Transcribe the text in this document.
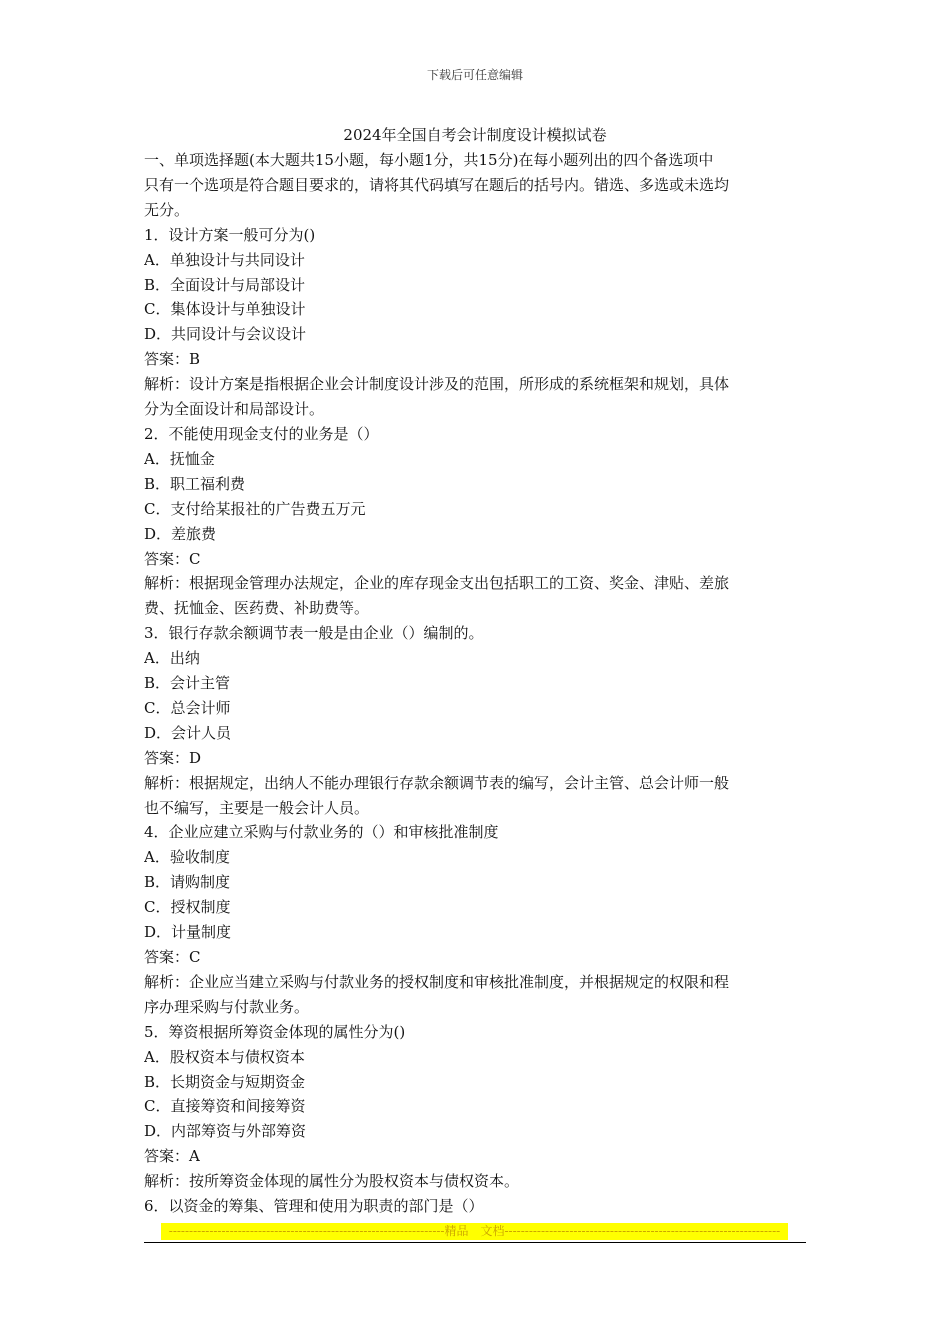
下载后可任意编辑
2024年全国自考会计制度设计模拟试卷
一、单项选择题(本大题共15小题，每小题1分，共15分)在每小题列出的四个备选项中
只有一个选项是符合题目要求的，请将其代码填写在题后的括号内。错选、多选或未选均
无分。
1．设计方案一般可分为()
A．单独设计与共同设计
B．全面设计与局部设计
C．集体设计与单独设计
D．共同设计与会议设计
答案：B
解析：设计方案是指根据企业会计制度设计涉及的范围，所形成的系统框架和规划，具体
分为全面设计和局部设计。
2．不能使用现金支付的业务是（）
A．抚恤金
B．职工福利费
C．支付给某报社的广告费五万元
D．差旅费
答案：C
解析：根据现金管理办法规定，企业的库存现金支出包括职工的工资、奖金、津贴、差旅
费、抚恤金、医药费、补助费等。
3．银行存款余额调节表一般是由企业（）编制的。
A．出纳
B．会计主管
C．总会计师
D．会计人员
答案：D
解析：根据规定，出纳人不能办理银行存款余额调节表的编写，会计主管、总会计师一般
也不编写，主要是一般会计人员。
4．企业应建立采购与付款业务的（）和审核批准制度
A．验收制度
B．请购制度
C．授权制度
D．计量制度
答案：C
解析：企业应当建立采购与付款业务的授权制度和审核批准制度，并根据规定的权限和程
序办理采购与付款业务。
5．筹资根据所筹资金体现的属性分为()
A．股权资本与债权资本
B．长期资金与短期资金
C．直接筹资和间接筹资
D．内部筹资与外部筹资
答案：A
解析：按所筹资金体现的属性分为股权资本与债权资本。
6．以资金的筹集、管理和使用为职责的部门是（）
--------------------------------------------------------------------精品　文档--------------------------------------------------------------------
